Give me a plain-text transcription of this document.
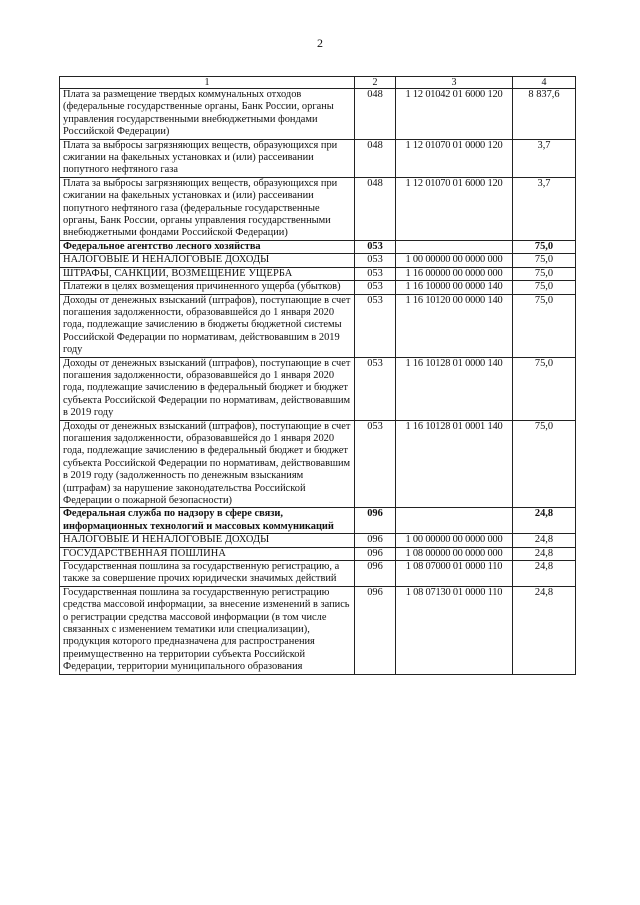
2
1	2	3	4
Плата за размещение твердых коммунальных отходов (федеральные государственные органы, Банк России, органы управления государственными внебюджетными фондами Российской Федерации)	048	1 12 01042 01 6000 120	8 837,6
Плата за выбросы загрязняющих веществ, образующихся при сжигании на факельных установках и (или) рассеивании попутного нефтяного газа	048	1 12 01070 01 0000 120	3,7
Плата за выбросы загрязняющих веществ, образующихся при сжигании на факельных установках и (или) рассеивании попутного нефтяного газа (федеральные государственные органы, Банк России, органы управления государственными внебюджетными фондами Российской Федерации)	048	1 12 01070 01 6000 120	3,7
Федеральное агентство лесного хозяйства	053		75,0
НАЛОГОВЫЕ И НЕНАЛОГОВЫЕ ДОХОДЫ	053	1 00 00000 00 0000 000	75,0
ШТРАФЫ, САНКЦИИ, ВОЗМЕЩЕНИЕ УЩЕРБА	053	1 16 00000 00 0000 000	75,0
Платежи в целях возмещения причиненного ущерба (убытков)	053	1 16 10000 00 0000 140	75,0
Доходы от денежных взысканий (штрафов), поступающие в счет погашения задолженности, образовавшейся до 1 января 2020 года, подлежащие зачислению в бюджеты бюджетной системы Российской Федерации по нормативам, действовавшим в 2019 году	053	1 16 10120 00 0000 140	75,0
Доходы от денежных взысканий (штрафов), поступающие в счет погашения задолженности, образовавшейся до 1 января 2020 года, подлежащие зачислению в федеральный бюджет и бюджет субъекта Российской Федерации по нормативам, действовавшим в 2019 году	053	1 16 10128 01 0000 140	75,0
Доходы от денежных взысканий (штрафов), поступающие в счет погашения задолженности, образовавшейся до 1 января 2020 года, подлежащие зачислению в федеральный бюджет и бюджет субъекта Российской Федерации по нормативам, действовавшим в 2019 году (задолженность по денежным взысканиям (штрафам) за нарушение законодательства Российской Федерации о пожарной безопасности)	053	1 16 10128 01 0001 140	75,0
Федеральная служба по надзору в сфере связи, информационных технологий и массовых коммуникаций	096		24,8
НАЛОГОВЫЕ И НЕНАЛОГОВЫЕ ДОХОДЫ	096	1 00 00000 00 0000 000	24,8
ГОСУДАРСТВЕННАЯ ПОШЛИНА	096	1 08 00000 00 0000 000	24,8
Государственная пошлина за государственную регистрацию, а также за совершение прочих юридически значимых действий	096	1 08 07000 01 0000 110	24,8
Государственная пошлина за государственную регистрацию средства массовой информации, за внесение изменений в запись о регистрации средства массовой информации (в том числе связанных с изменением тематики или специализации), продукция которого предназначена для распространения преимущественно на территории субъекта Российской Федерации, территории муниципального образования	096	1 08 07130 01 0000 110	24,8
